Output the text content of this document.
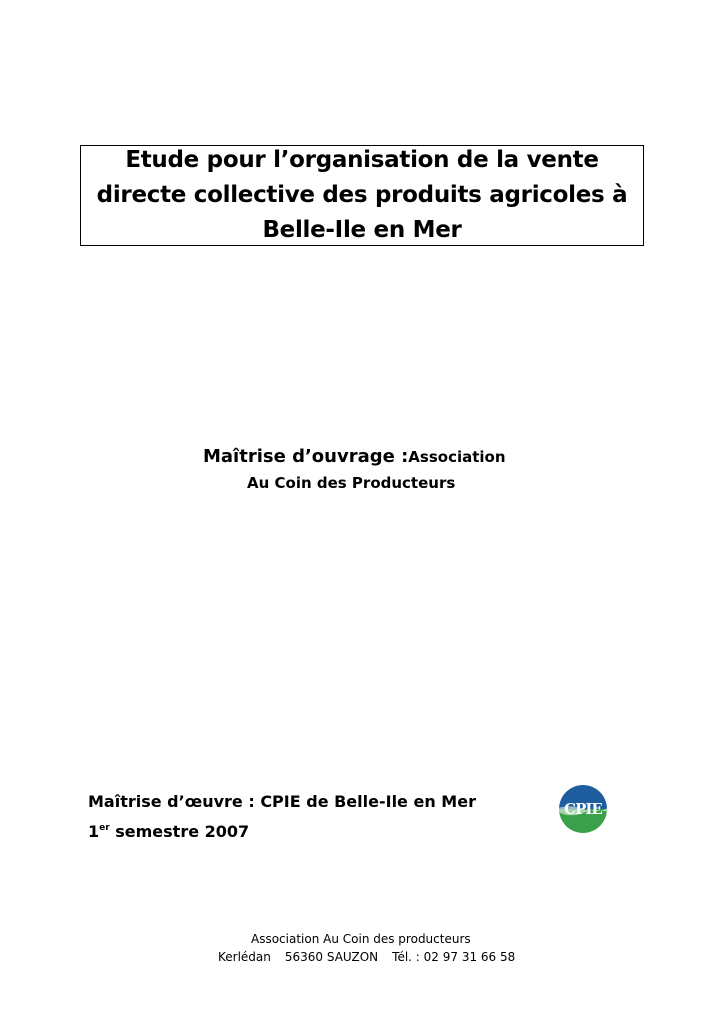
Etude pour l’organisation de la vente
directe collective des produits agricoles à
Belle-Ile en Mer
Maîtrise d’ouvrage :Association
Au Coin des Producteurs
Maîtrise d’œuvre : CPIE de Belle-Ile en Mer
1er semestre 2007
CPIE
Association Au Coin des producteurs
Kerlédan 56360 SAUZON Tél. : 02 97 31 66 58
